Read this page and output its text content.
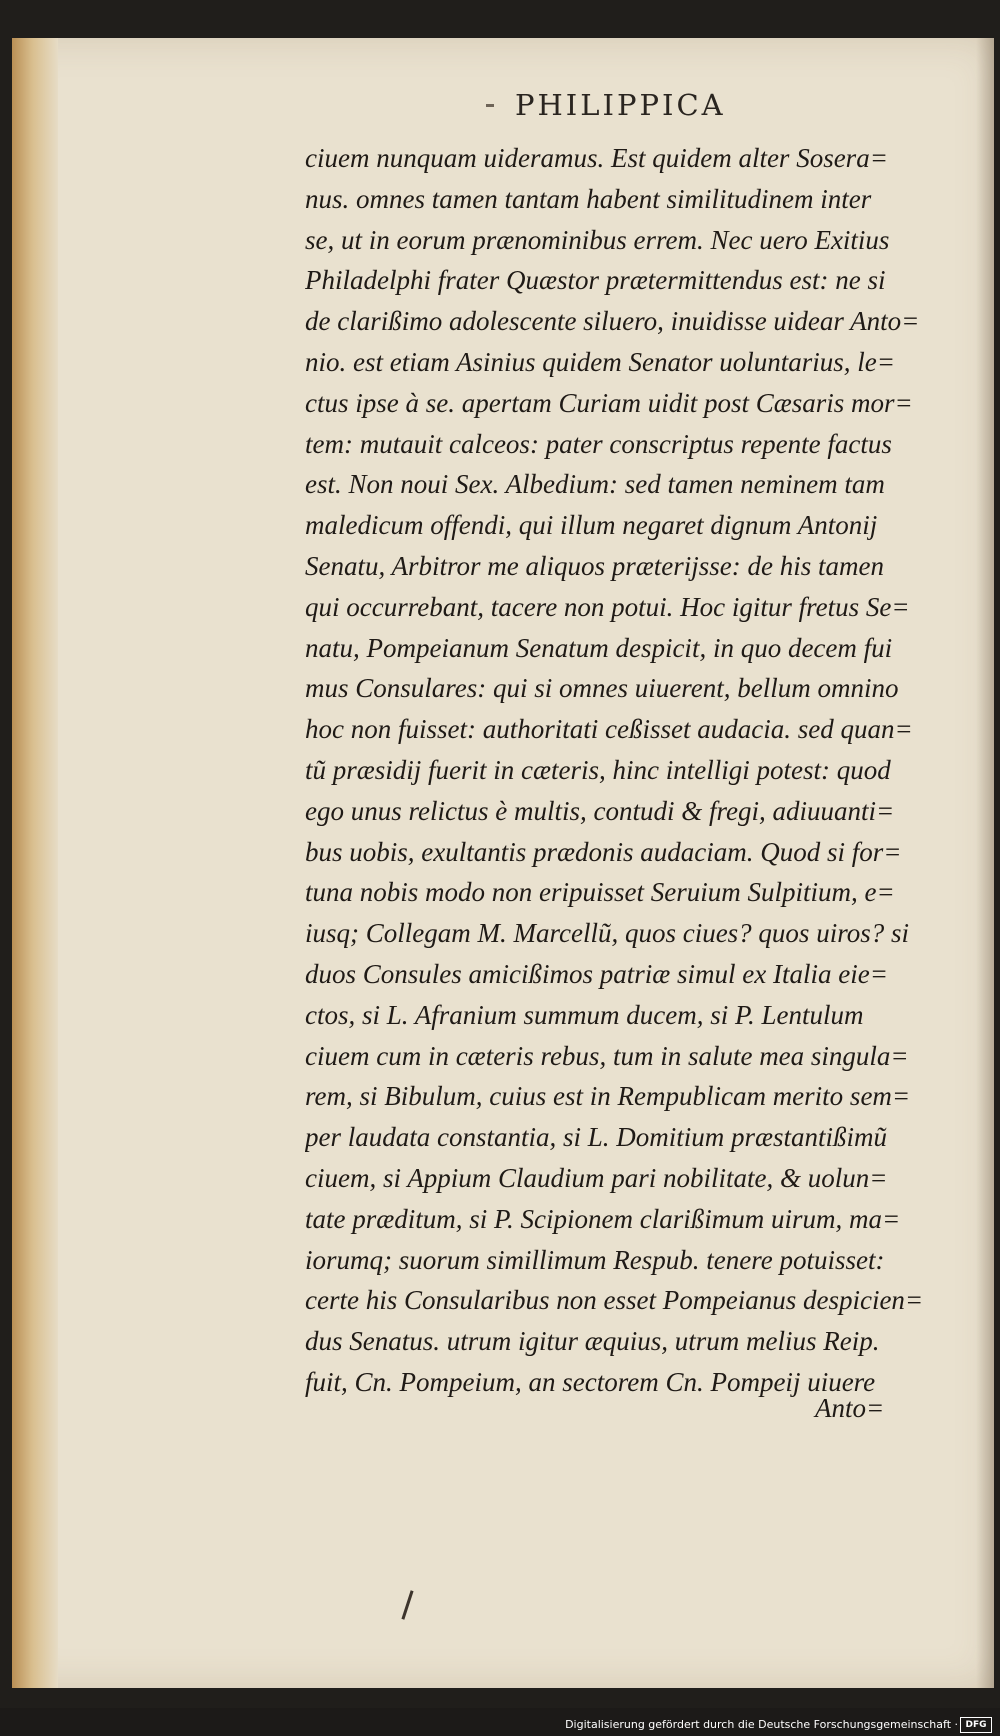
PHILIPPICA
ciuem nunquam uideramus. Est quidem alter Sosera=
nus. omnes tamen tantam habent similitudinem inter
se, ut in eorum prænominibus errem. Nec uero Exitius
Philadelphi frater Quæstor prætermittendus est: ne si
de clarißimo adolescente siluero, inuidisse uidear Anto=
nio. est etiam Asinius quidem Senator uoluntarius, le=
ctus ipse à se. apertam Curiam uidit post Cæsaris mor=
tem: mutauit calceos: pater conscriptus repente factus
est. Non noui Sex. Albedium: sed tamen neminem tam
maledicum offendi, qui illum negaret dignum Antonij
Senatu, Arbitror me aliquos præterijsse: de his tamen
qui occurrebant, tacere non potui. Hoc igitur fretus Se=
natu, Pompeianum Senatum despicit, in quo decem fui
mus Consulares: qui si omnes uiuerent, bellum omnino
hoc non fuisset: authoritati ceßisset audacia. sed quan=
tũ præsidij fuerit in cæteris, hinc intelligi potest: quod
ego unus relictus è multis, contudi & fregi, adiuuanti=
bus uobis, exultantis prædonis audaciam. Quod si for=
tuna nobis modo non eripuisset Seruium Sulpitium, e=
iusq; Collegam M. Marcellũ, quos ciues? quos uiros? si
duos Consules amicißimos patriæ simul ex Italia eie=
ctos, si L. Afranium summum ducem, si P. Lentulum
ciuem cum in cæteris rebus, tum in salute mea singula=
rem, si Bibulum, cuius est in Rempublicam merito sem=
per laudata constantia, si L. Domitium præstantißimũ
ciuem, si Appium Claudium pari nobilitate, & uolun=
tate præditum, si P. Scipionem clarißimum uirum, ma=
iorumq; suorum simillimum Respub. tenere potuisset:
certe his Consularibus non esset Pompeianus despicien=
dus Senatus. utrum igitur æquius, utrum melius Reip.
fuit, Cn. Pompeium, an sectorem Cn. Pompeij uiuere
Anto=
Digitalisierung gefördert durch die Deutsche Forschungsgemeinschaft · DFG
